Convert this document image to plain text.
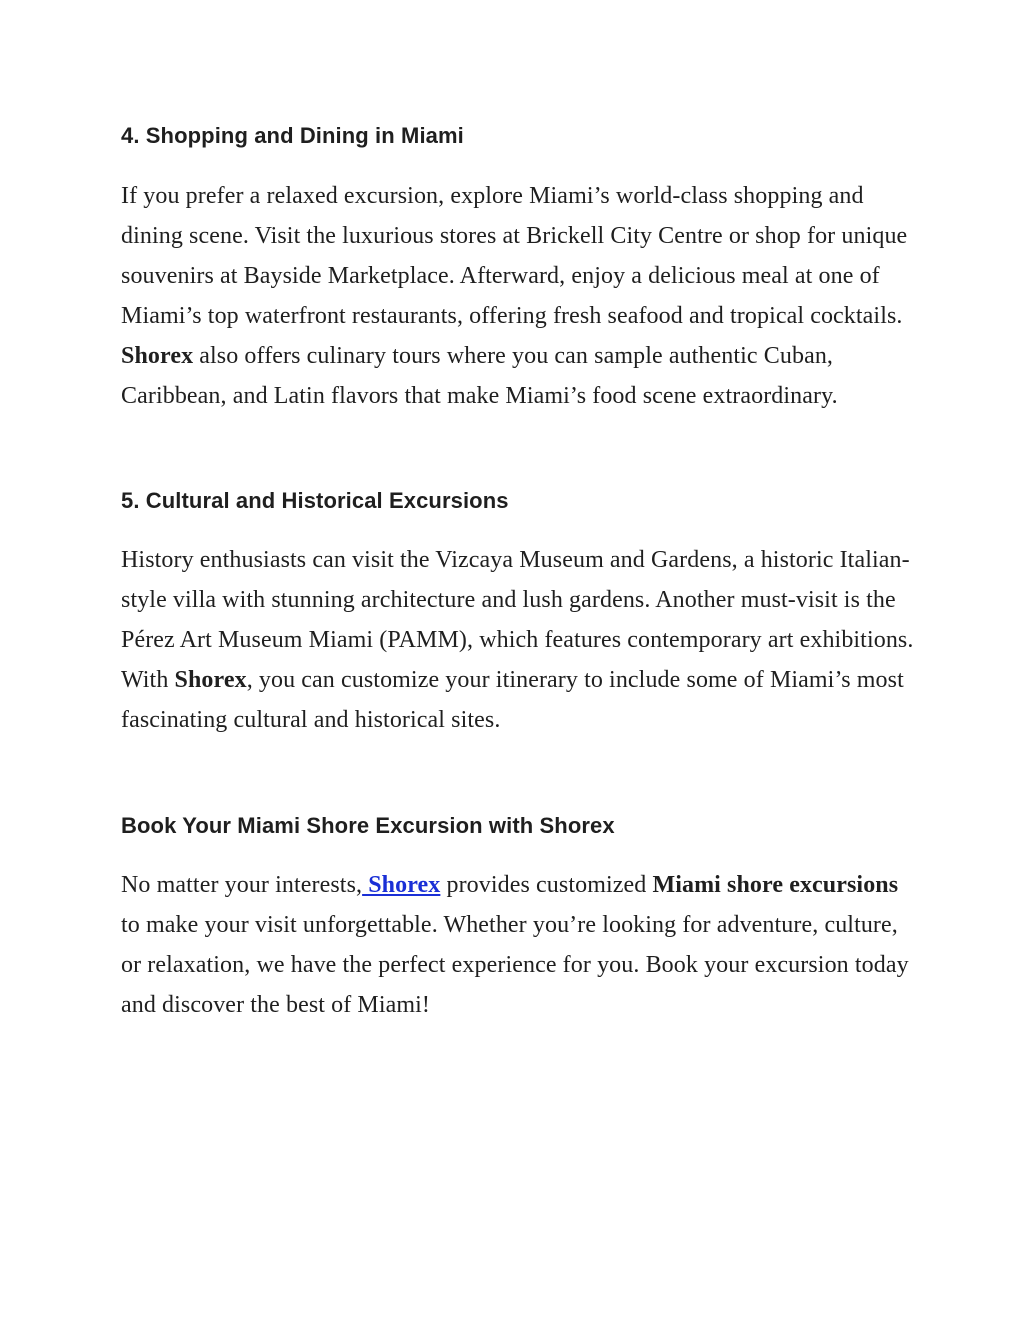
4. Shopping and Dining in Miami

If you prefer a relaxed excursion, explore Miami’s world-class shopping and dining scene. Visit the luxurious stores at Brickell City Centre or shop for unique souvenirs at Bayside Marketplace. Afterward, enjoy a delicious meal at one of Miami’s top waterfront restaurants, offering fresh seafood and tropical cocktails. Shorex also offers culinary tours where you can sample authentic Cuban, Caribbean, and Latin flavors that make Miami’s food scene extraordinary.

5. Cultural and Historical Excursions

History enthusiasts can visit the Vizcaya Museum and Gardens, a historic Italian-style villa with stunning architecture and lush gardens. Another must-visit is the Pérez Art Museum Miami (PAMM), which features contemporary art exhibitions. With Shorex, you can customize your itinerary to include some of Miami’s most fascinating cultural and historical sites.

Book Your Miami Shore Excursion with Shorex

No matter your interests, Shorex provides customized Miami shore excursions to make your visit unforgettable. Whether you’re looking for adventure, culture, or relaxation, we have the perfect experience for you. Book your excursion today and discover the best of Miami!
